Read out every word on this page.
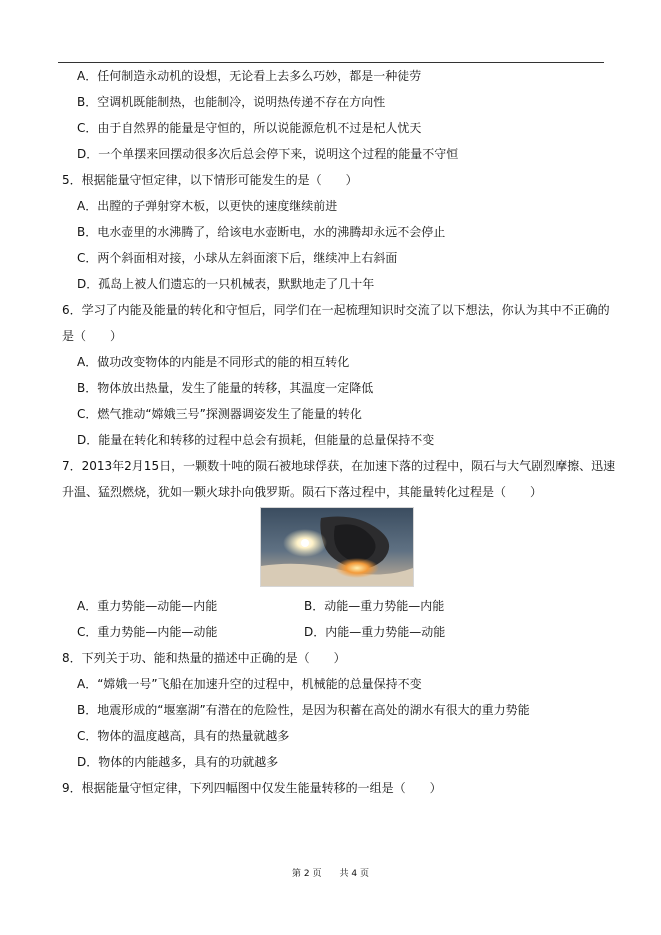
A．任何制造永动机的设想，无论看上去多么巧妙，都是一种徒劳
B．空调机既能制热，也能制冷，说明热传递不存在方向性
C．由于自然界的能量是守恒的，所以说能源危机不过是杞人忧天
D．一个单摆来回摆动很多次后总会停下来，说明这个过程的能量不守恒
5．根据能量守恒定律，以下情形可能发生的是（　　）
A．出膛的子弹射穿木板，以更快的速度继续前进
B．电水壶里的水沸腾了，给该电水壶断电，水的沸腾却永远不会停止
C．两个斜面相对接，小球从左斜面滚下后，继续冲上右斜面
D．孤岛上被人们遗忘的一只机械表，默默地走了几十年
6．学习了内能及能量的转化和守恒后，同学们在一起梳理知识时交流了以下想法，你认为其中不正确的
是（　　）
A．做功改变物体的内能是不同形式的能的相互转化
B．物体放出热量，发生了能量的转移，其温度一定降低
C．燃气推动“嫦娥三号”探测器调姿发生了能量的转化
D．能量在转化和转移的过程中总会有损耗，但能量的总量保持不变
7．2013年2月15日，一颗数十吨的陨石被地球俘获，在加速下落的过程中，陨石与大气剧烈摩擦、迅速
升温、猛烈燃烧，犹如一颗火球扑向俄罗斯。陨石下落过程中，其能量转化过程是（　　）
A．重力势能—动能—内能	B．动能—重力势能—内能
C．重力势能—内能—动能	D．内能—重力势能—动能
8．下列关于功、能和热量的描述中正确的是（　　）
A．“嫦娥一号”飞船在加速升空的过程中，机械能的总量保持不变
B．地震形成的“堰塞湖”有潜在的危险性，是因为积蓄在高处的湖水有很大的重力势能
C．物体的温度越高，具有的热量就越多
D．物体的内能越多，具有的功就越多
9．根据能量守恒定律，下列四幅图中仅发生能量转移的一组是（　　）
第 2 页　　共 4 页
